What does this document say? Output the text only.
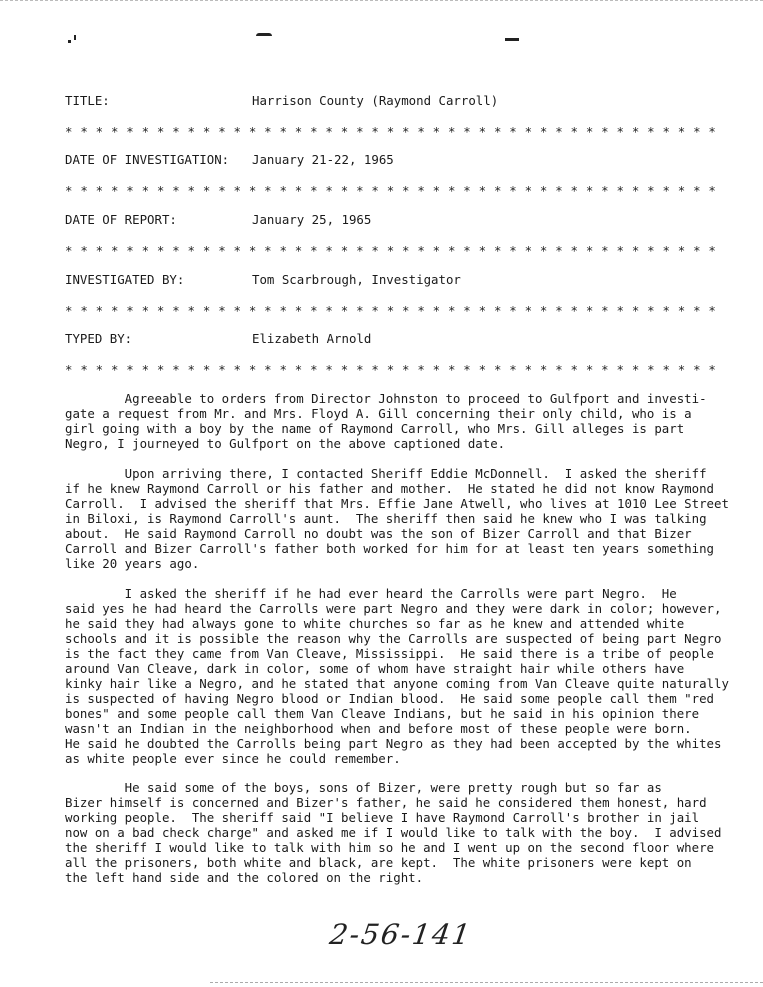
TITLE:	Harrison County (Raymond Carroll)
* * * * * * * * * * * * * * * * * * * * * * * * * * * * * * * * * * * * * * * * * * *
DATE OF INVESTIGATION: January 21-22, 1965
* * * * * * * * * * * * * * * * * * * * * * * * * * * * * * * * * * * * * * * * * * *
DATE OF REPORT:	January 25, 1965
* * * * * * * * * * * * * * * * * * * * * * * * * * * * * * * * * * * * * * * * * * *
INVESTIGATED BY:	Tom Scarbrough, Investigator
* * * * * * * * * * * * * * * * * * * * * * * * * * * * * * * * * * * * * * * * * * *
TYPED BY:	Elizabeth Arnold
* * * * * * * * * * * * * * * * * * * * * * * * * * * * * * * * * * * * * * * * * * *
Agreeable to orders from Director Johnston to proceed to Gulfport and investi-
gate a request from Mr. and Mrs. Floyd A. Gill concerning their only child, who is a
girl going with a boy by the name of Raymond Carroll, who Mrs. Gill alleges is part
Negro, I journeyed to Gulfport on the above captioned date.
Upon arriving there, I contacted Sheriff Eddie McDonnell.  I asked the sheriff
if he knew Raymond Carroll or his father and mother.  He stated he did not know Raymond
Carroll.  I advised the sheriff that Mrs. Effie Jane Atwell, who lives at 1010 Lee Street
in Biloxi, is Raymond Carroll's aunt.  The sheriff then said he knew who I was talking
about.  He said Raymond Carroll no doubt was the son of Bizer Carroll and that Bizer
Carroll and Bizer Carroll's father both worked for him for at least ten years something
like 20 years ago.
I asked the sheriff if he had ever heard the Carrolls were part Negro.  He
said yes he had heard the Carrolls were part Negro and they were dark in color; however,
he said they had always gone to white churches so far as he knew and attended white
schools and it is possible the reason why the Carrolls are suspected of being part Negro
is the fact they came from Van Cleave, Mississippi.  He said there is a tribe of people
around Van Cleave, dark in color, some of whom have straight hair while others have
kinky hair like a Negro, and he stated that anyone coming from Van Cleave quite naturally
is suspected of having Negro blood or Indian blood.  He said some people call them "red
bones" and some people call them Van Cleave Indians, but he said in his opinion there
wasn't an Indian in the neighborhood when and before most of these people were born.
He said he doubted the Carrolls being part Negro as they had been accepted by the whites
as white people ever since he could remember.
He said some of the boys, sons of Bizer, were pretty rough but so far as
Bizer himself is concerned and Bizer's father, he said he considered them honest, hard
working people.  The sheriff said "I believe I have Raymond Carroll's brother in jail
now on a bad check charge" and asked me if I would like to talk with the boy.  I advised
the sheriff I would like to talk with him so he and I went up on the second floor where
all the prisoners, both white and black, are kept.  The white prisoners were kept on
the left hand side and the colored on the right.
2-56-141
